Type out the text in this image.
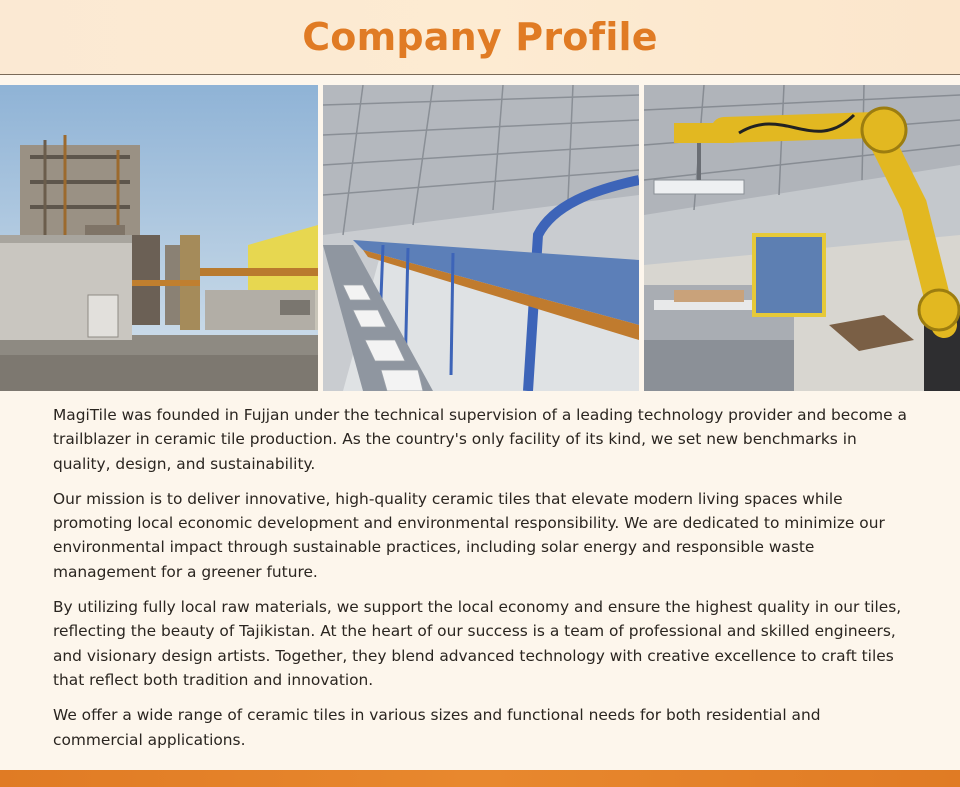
Company Profile

MagiTile was founded in Fujjan under the technical supervision of a leading technology provider and become a trailblazer in ceramic tile production. As the country's only facility of its kind, we set new benchmarks in quality, design, and sustainability.

Our mission is to deliver innovative, high-quality ceramic tiles that elevate modern living spaces while promoting local economic development and environmental responsibility. We are dedicated to minimize our environmental impact through sustainable practices, including solar energy and responsible waste management for a greener future.

By utilizing fully local raw materials, we support the local economy and ensure the highest quality in our tiles, reflecting the beauty of Tajikistan. At the heart of our success is a team of professional and skilled engineers, and visionary design artists. Together, they blend advanced technology with creative excellence to craft tiles that reflect both tradition and innovation.

We offer a wide range of ceramic tiles in various sizes and functional needs for both residential and commercial applications.
